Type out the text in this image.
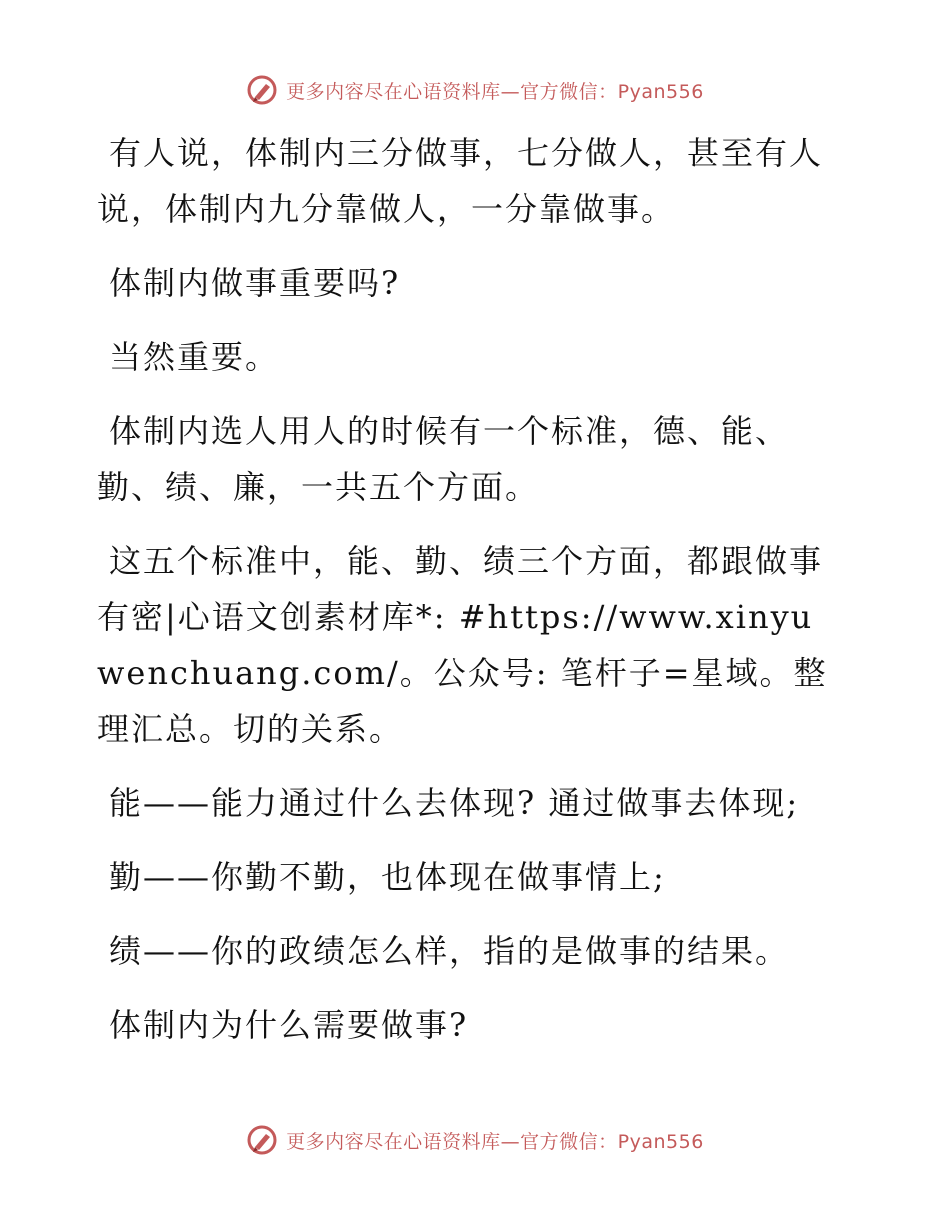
更多内容尽在心语资料库—官方微信：Pyan556

有人说，体制内三分做事，七分做人，甚至有人说，体制内九分靠做人，一分靠做事。

体制内做事重要吗?

当然重要。

体制内选人用人的时候有一个标准，德、能、勤、绩、廉，一共五个方面。

这五个标准中，能、勤、绩三个方面，都跟做事有密|心语文创素材库*: #https://www.xinyuwenchuang.com/。公众号: 笔杆子=星域。整理汇总。切的关系。

能——能力通过什么去体现? 通过做事去体现;

勤——你勤不勤，也体现在做事情上;

绩——你的政绩怎么样，指的是做事的结果。

体制内为什么需要做事?

更多内容尽在心语资料库—官方微信：Pyan556
